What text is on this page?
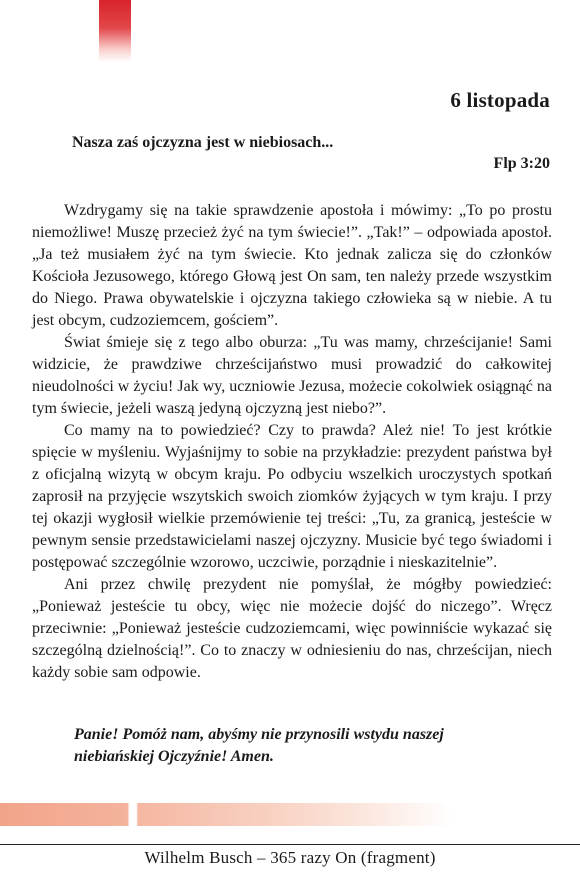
6 listopada
Nasza zaś ojczyzna jest w niebiosach...
Flp 3:20

Wzdrygamy się na takie sprawdzenie apostoła i mówimy: „To po prostu niemożliwe! Muszę przecież żyć na tym świecie!”. „Tak!” – odpowiada apostoł. „Ja też musiałem żyć na tym świecie. Kto jednak zalicza się do członków Kościoła Jezusowego, którego Głową jest On sam, ten należy przede wszystkim do Niego. Prawa obywatelskie i ojczyzna takiego człowieka są w niebie. A tu jest obcym, cudzoziemcem, gościem”.

Świat śmieje się z tego albo oburza: „Tu was mamy, chrześcijanie! Sami widzicie, że prawdziwe chrześcijaństwo musi prowadzić do całkowitej nieudolności w życiu! Jak wy, uczniowie Jezusa, możecie cokolwiek osiągnąć na tym świecie, jeżeli waszą jedyną ojczyzną jest niebo?”.

Co mamy na to powiedzieć? Czy to prawda? Ależ nie! To jest krótkie spięcie w myśleniu. Wyjaśnijmy to sobie na przykładzie: prezydent państwa był z oficjalną wizytą w obcym kraju. Po odbyciu wszelkich uroczystych spotkań zaprosił na przyjęcie wszytskich swoich ziomków żyjących w tym kraju. I przy tej okazji wygłosił wielkie przemówienie tej treści: „Tu, za granicą, jesteście w pewnym sensie przedstawicielami naszej ojczyzny. Musicie być tego świadomi i postępować szczególnie wzorowo, uczciwie, porządnie i nieskazitelnie”.

Ani przez chwilę prezydent nie pomyślał, że mógłby powiedzieć: „Ponieważ jesteście tu obcy, więc nie możecie dojść do niczego”. Wręcz przeciwnie: „Ponieważ jesteście cudzoziemcami, więc powinniście wykazać się szczególną dzielnością!”. Co to znaczy w odniesieniu do nas, chrześcijan, niech każdy sobie sam odpowie.

Panie! Pomóż nam, abyśmy nie przynosili wstydu naszej niebiańskiej Ojczyźnie! Amen.
Wilhelm Busch – 365 razy On (fragment)
